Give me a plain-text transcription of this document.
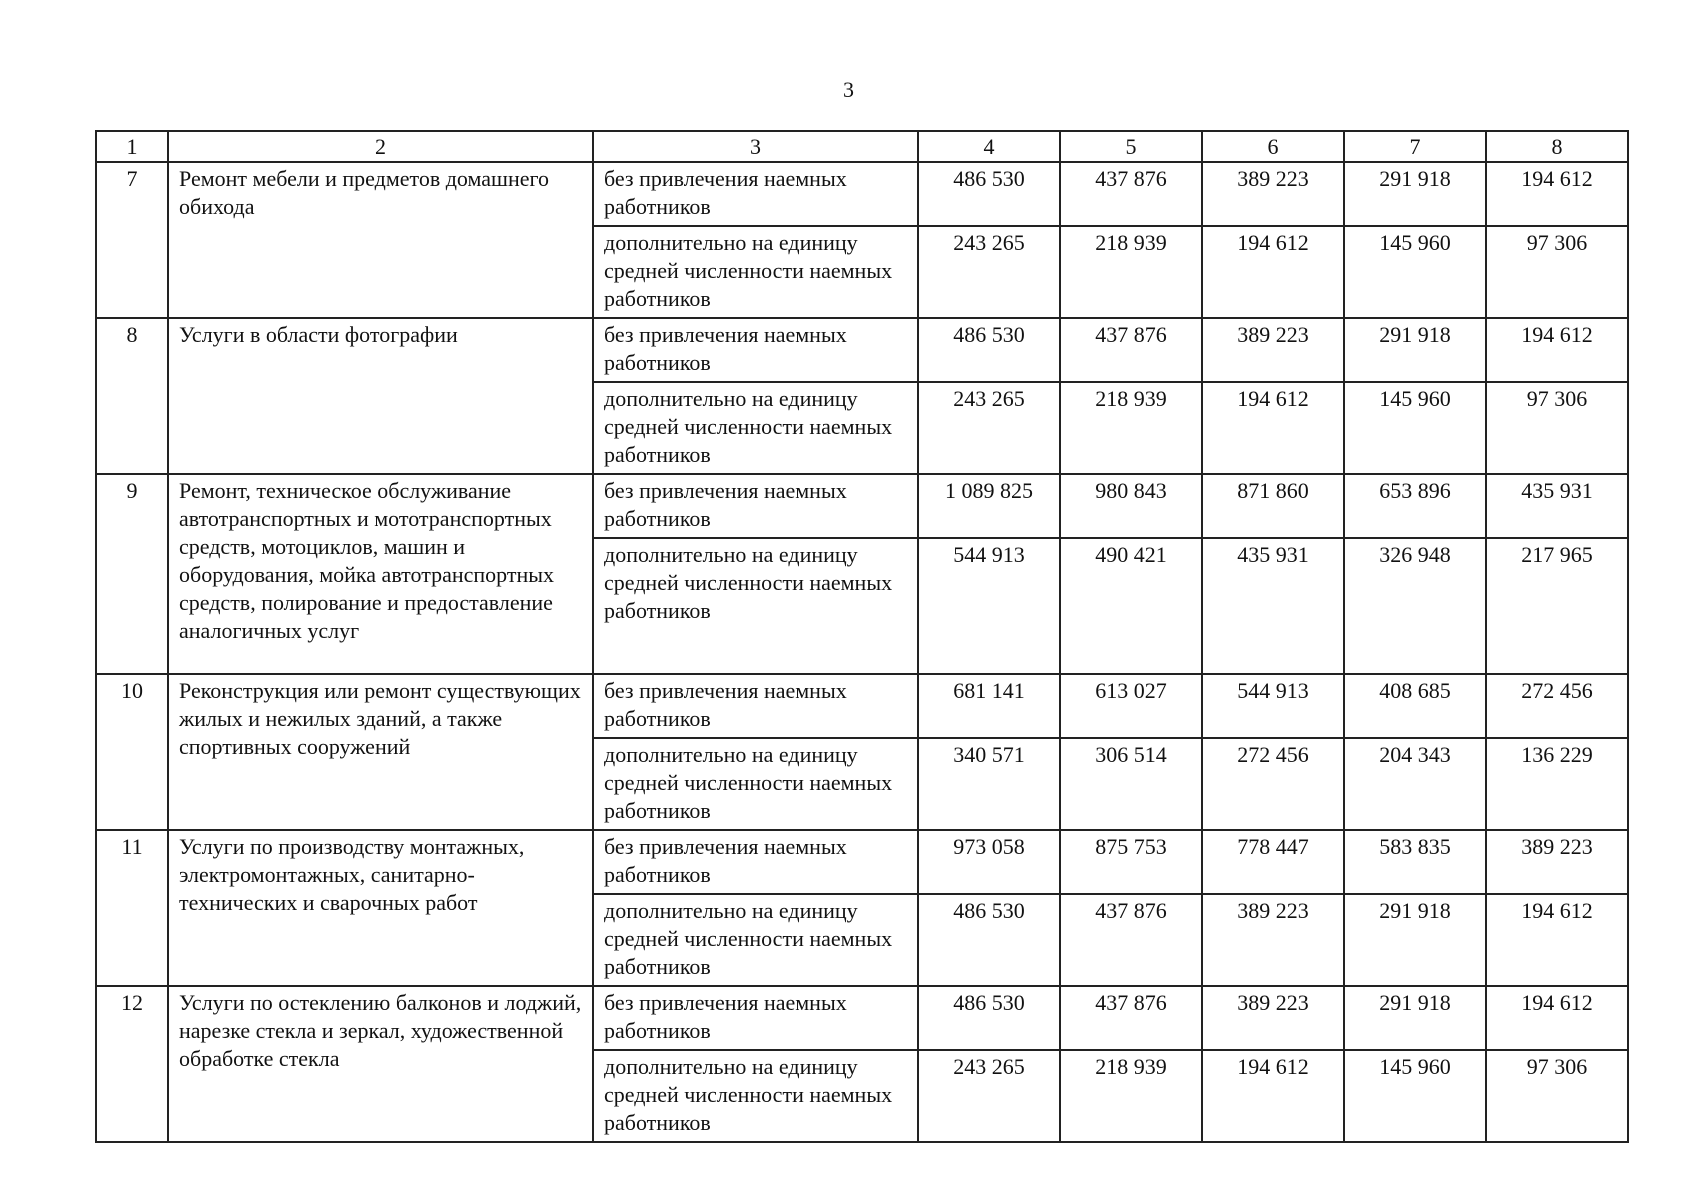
3
1	2	3	4	5	6	7	8
7	Ремонт мебели и предметов домашнего обихода	без привлечения наемных работников	486 530	437 876	389 223	291 918	194 612
		дополнительно на единицу средней численности наемных работников	243 265	218 939	194 612	145 960	97 306
8	Услуги в области фотографии	без привлечения наемных работников	486 530	437 876	389 223	291 918	194 612
		дополнительно на единицу средней численности наемных работников	243 265	218 939	194 612	145 960	97 306
9	Ремонт, техническое обслуживание автотранспортных и мототранспортных средств, мотоциклов, машин и оборудования, мойка автотранспортных средств, полирование и предоставление аналогичных услуг	без привлечения наемных работников	1 089 825	980 843	871 860	653 896	435 931
		дополнительно на единицу средней численности наемных работников	544 913	490 421	435 931	326 948	217 965
10	Реконструкция или ремонт существующих жилых и нежилых зданий, а также спортивных сооружений	без привлечения наемных работников	681 141	613 027	544 913	408 685	272 456
		дополнительно на единицу средней численности наемных работников	340 571	306 514	272 456	204 343	136 229
11	Услуги по производству монтажных, электромонтажных, санитарно-технических и сварочных работ	без привлечения наемных работников	973 058	875 753	778 447	583 835	389 223
		дополнительно на единицу средней численности наемных работников	486 530	437 876	389 223	291 918	194 612
12	Услуги по остеклению балконов и лоджий, нарезке стекла и зеркал, художественной обработке стекла	без привлечения наемных работников	486 530	437 876	389 223	291 918	194 612
		дополнительно на единицу средней численности наемных работников	243 265	218 939	194 612	145 960	97 306
